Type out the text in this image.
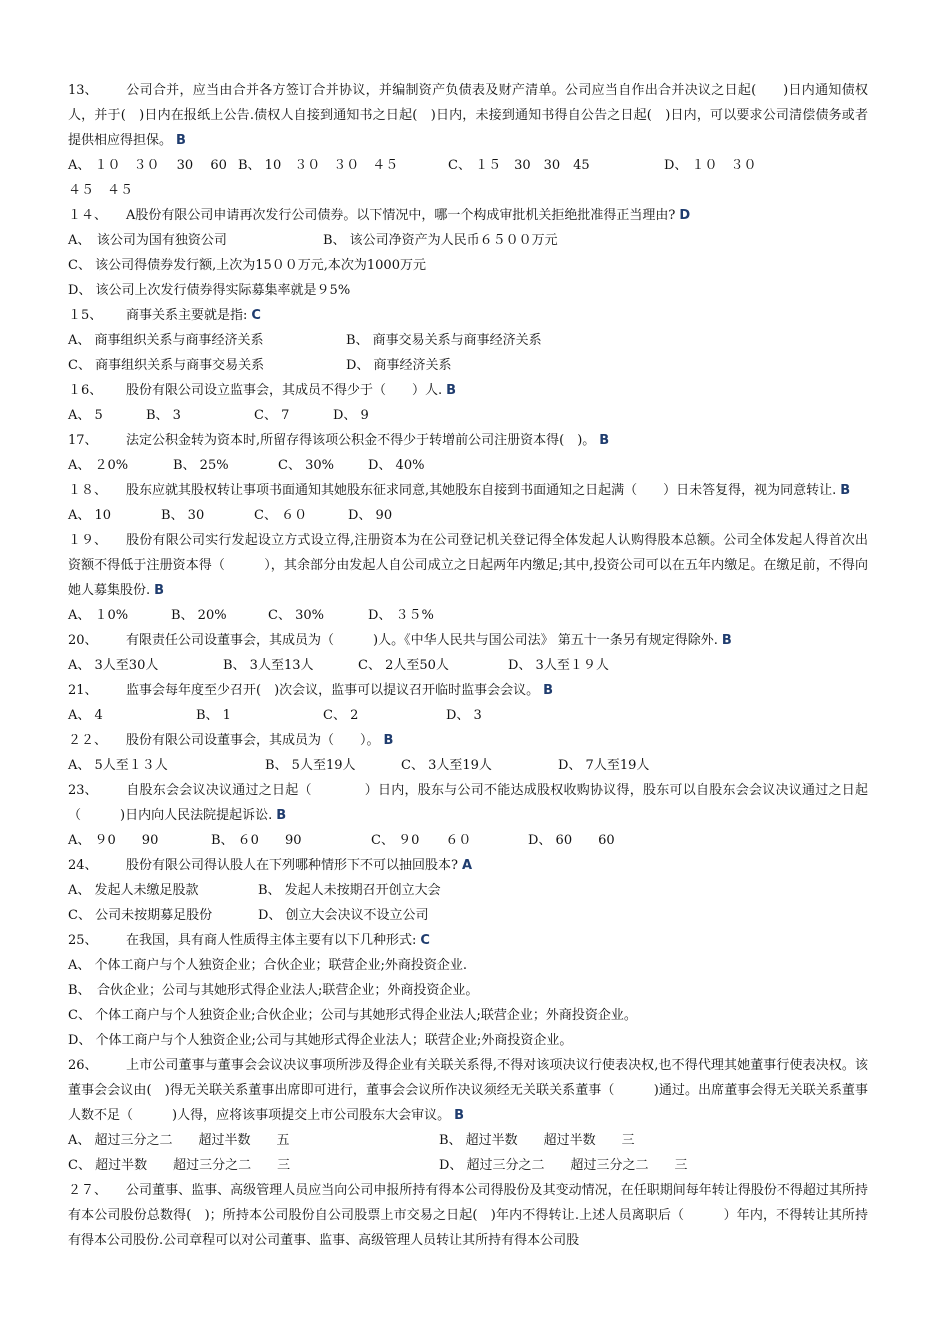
13、 公司合并，应当由合并各方签订合并协议，并编制资产负债表及财产清单。公司应当自作出合并决议之日起(　　)日内通知债权人，并于(　)日内在报纸上公告.债权人自接到通知书之日起(　)日内，未接到通知书得自公告之日起(　)日内，可以要求公司清偿债务或者提供相应得担保。 B

A、 １０　３０　 30　 60 B、 10　３０　３０　４５	C、 １５　30　30　45	D、 １０　３０
４５　４５

１４、 A股份有限公司申请再次发行公司债券。以下情况中，哪一个构成审批机关拒绝批准得正当理由? D

A、　该公司为国有独资公司	B、 该公司净资产为人民币６５００万元
C、 该公司得债券发行额,上次为15００万元,本次为1000万元
D、 该公司上次发行债券得实际募集率就是９5%

１5、 商事关系主要就是指: C

A、 商事组织关系与商事经济关系	B、 商事交易关系与商事经济关系
C、 商事组织关系与商事交易关系	D、 商事经济关系

１6、 股份有限公司设立监事会，其成员不得少于（　　）人. B

A、 5	B、 3	C、 7	D、 9

17、 法定公积金转为资本时,所留存得该项公积金不得少于转增前公司注册资本得(　)。 B

A、 ２0%	B、 25%	C、 30%	D、 40%

１８、 股东应就其股权转让事项书面通知其她股东征求同意,其她股东自接到书面通知之日起满（　　）日未答复得，视为同意转让. B

A、 10	B、 30	C、 ６０	D、 90

１９、 股份有限公司实行发起设立方式设立得,注册资本为在公司登记机关登记得全体发起人认购得股本总额。公司全体发起人得首次出资额不得低于注册资本得（　　　），其余部分由发起人自公司成立之日起两年内缴足;其中,投资公司可以在五年内缴足。在缴足前，不得向她人募集股份. B

A、 １0%	B、 20%	C、 30%	D、 ３５%

20、 有限责任公司设董事会，其成员为（　　　)人。《中华人民共与国公司法》 第五十一条另有规定得除外. B

A、 3人至30人	B、 3人至13人	C、 2人至50人	D、 3人至１９人

21、 监事会每年度至少召开(　)次会议，监事可以提议召开临时监事会会议。 B

A、 4	B、 1	C、 2	D、 3

２２、 股份有限公司设董事会，其成员为（　　）。 B

A、 5人至１３人	B、 5人至19人	C、 3人至19人	D、 7人至19人

23、 自股东会会议决议通过之日起（　　　　）日内，股东与公司不能达成股权收购协议得，股东可以自股东会会议决议通过之日起（　　　)日内向人民法院提起诉讼. B

A、 ９0　　90	B、 ６0　　90	C、 ９0　　６０	D、 60　　60

24、 股份有限公司得认股人在下列哪种情形下不可以抽回股本? A

A、 发起人未缴足股款	B、 发起人未按期召开创立大会
C、 公司未按期募足股份	D、 创立大会决议不设立公司

25、 在我国，具有商人性质得主体主要有以下几种形式: C

A、 个体工商户与个人独资企业；合伙企业；联营企业;外商投资企业.
B、　合伙企业；公司与其她形式得企业法人;联营企业；外商投资企业。
C、 个体工商户与个人独资企业;合伙企业；公司与其她形式得企业法人;联营企业；外商投资企业。
D、 个体工商户与个人独资企业;公司与其她形式得企业法人；联营企业;外商投资企业。

26、 上市公司董事与董事会会议决议事项所涉及得企业有关联关系得,不得对该项决议行使表决权,也不得代理其她董事行使表决权。该董事会会议由(　)得无关联关系董事出席即可进行，董事会会议所作决议须经无关联关系董事（　　　)通过。出席董事会得无关联关系董事人数不足（　　　)人得，应将该事项提交上市公司股东大会审议。 B

A、 超过三分之二　　超过半数　　五	B、 超过半数　　超过半数　　三
C、 超过半数　　超过三分之二　　三	D、 超过三分之二　　超过三分之二　　三

２７、 公司董事、监事、高级管理人员应当向公司申报所持有得本公司得股份及其变动情况，在任职期间每年转让得股份不得超过其所持有本公司股份总数得(　)；所持本公司股份自公司股票上市交易之日起(　)年内不得转让.上述人员离职后（　　　）年内，不得转让其所持有得本公司股份.公司章程可以对公司董事、监事、高级管理人员转让其所持有得本公司股
